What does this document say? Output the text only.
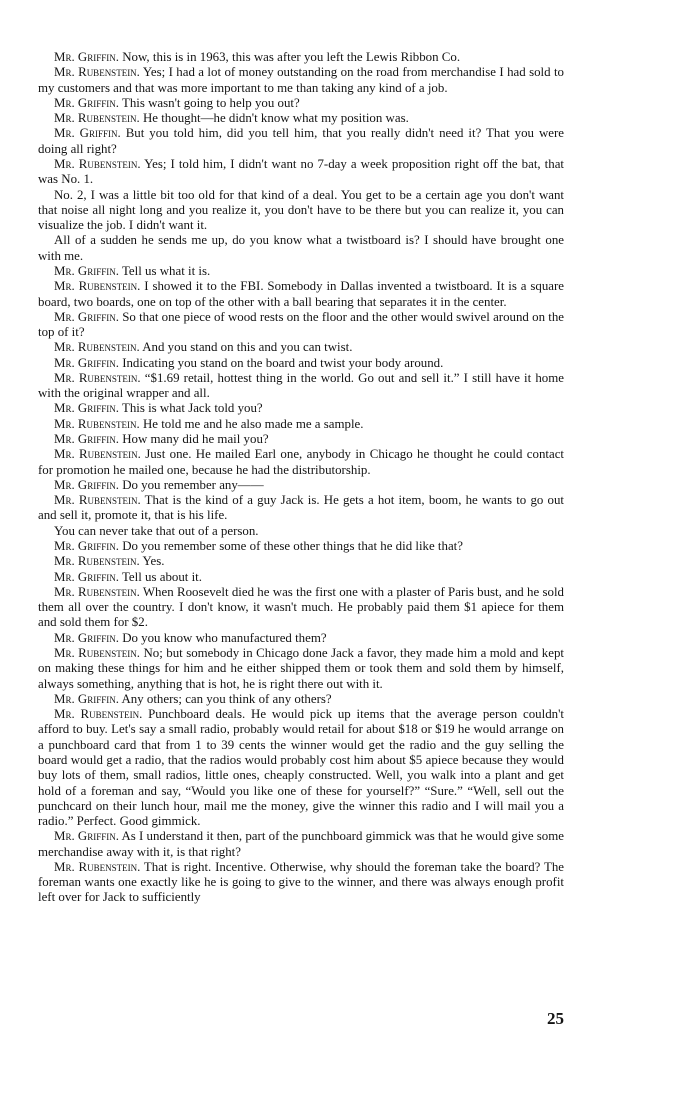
Mr. Griffin. Now, this is in 1963, this was after you left the Lewis Ribbon Co.

Mr. Rubenstein. Yes; I had a lot of money outstanding on the road from merchandise I had sold to my customers and that was more important to me than taking any kind of a job.

Mr. Griffin. This wasn't going to help you out?

Mr. Rubenstein. He thought—he didn't know what my position was.

Mr. Griffin. But you told him, did you tell him, that you really didn't need it? That you were doing all right?

Mr. Rubenstein. Yes; I told him, I didn't want no 7-day a week proposition right off the bat, that was No. 1.

No. 2, I was a little bit too old for that kind of a deal. You get to be a certain age you don't want that noise all night long and you realize it, you don't have to be there but you can realize it, you can visualize the job. I didn't want it.

All of a sudden he sends me up, do you know what a twistboard is? I should have brought one with me.

Mr. Griffin. Tell us what it is.

Mr. Rubenstein. I showed it to the FBI. Somebody in Dallas invented a twistboard. It is a square board, two boards, one on top of the other with a ball bearing that separates it in the center.

Mr. Griffin. So that one piece of wood rests on the floor and the other would swivel around on the top of it?

Mr. Rubenstein. And you stand on this and you can twist.

Mr. Griffin. Indicating you stand on the board and twist your body around.

Mr. Rubenstein. “$1.69 retail, hottest thing in the world. Go out and sell it.” I still have it home with the original wrapper and all.

Mr. Griffin. This is what Jack told you?

Mr. Rubenstein. He told me and he also made me a sample.

Mr. Griffin. How many did he mail you?

Mr. Rubenstein. Just one. He mailed Earl one, anybody in Chicago he thought he could contact for promotion he mailed one, because he had the distributorship.

Mr. Griffin. Do you remember any——

Mr. Rubenstein. That is the kind of a guy Jack is. He gets a hot item, boom, he wants to go out and sell it, promote it, that is his life.

You can never take that out of a person.

Mr. Griffin. Do you remember some of these other things that he did like that?

Mr. Rubenstein. Yes.

Mr. Griffin. Tell us about it.

Mr. Rubenstein. When Roosevelt died he was the first one with a plaster of Paris bust, and he sold them all over the country. I don't know, it wasn't much. He probably paid them $1 apiece for them and sold them for $2.

Mr. Griffin. Do you know who manufactured them?

Mr. Rubenstein. No; but somebody in Chicago done Jack a favor, they made him a mold and kept on making these things for him and he either shipped them or took them and sold them by himself, always something, anything that is hot, he is right there out with it.

Mr. Griffin. Any others; can you think of any others?

Mr. Rubenstein. Punchboard deals. He would pick up items that the average person couldn't afford to buy. Let's say a small radio, probably would retail for about $18 or $19 he would arrange on a punchboard card that from 1 to 39 cents the winner would get the radio and the guy selling the board would get a radio, that the radios would probably cost him about $5 apiece because they would buy lots of them, small radios, little ones, cheaply constructed. Well, you walk into a plant and get hold of a foreman and say, “Would you like one of these for yourself?” “Sure.” “Well, sell out the punchcard on their lunch hour, mail me the money, give the winner this radio and I will mail you a radio.” Perfect. Good gimmick.

Mr. Griffin. As I understand it then, part of the punchboard gimmick was that he would give some merchandise away with it, is that right?

Mr. Rubenstein. That is right. Incentive. Otherwise, why should the foreman take the board? The foreman wants one exactly like he is going to give to the winner, and there was always enough profit left over for Jack to sufficiently

25
